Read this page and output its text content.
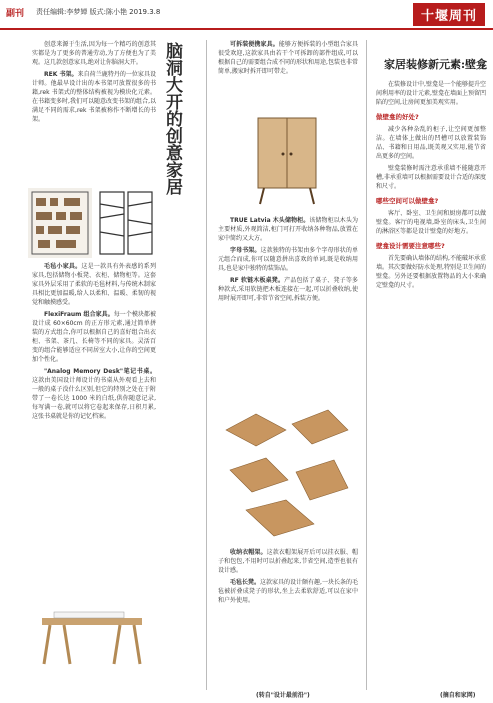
副刊 责任编辑:李梦婵 版式:陈小艳 2019.3.8	十堰周刊

创意来源于生活,因为每一个精巧的创意其实都是为了更多的普通劳动,为了方便也为了美观。这几款创意家具,绝对让你脑洞大开。

REK 书架。来自荷兰鹿特丹的一位家具设计师。他最早设计出的本书架可放置很多的书籍,rek 书架式的整体结构被视为模块化元素。在书籍变多时,我们可以随意改变书架的组合,以满足不同的需求,rek 书架被称作不断增长的书架。

毛毡小家具。这是一款具有外表感的系列家具,包括储物小板凳、衣柜、储物柜等。这套家具外层采用了柔软的毛毡材料,与传统木制家具相比更加温暖,给人以柔和、温暖、柔韧的视觉和触摸感受。

FlexiFraum 组合家具。每一个模块都被设计成 60×60cm 的正方形元素,通过简单拼装的方式组合,你可以根据自己的喜好组合出衣柜、书架、茶几、长椅等不同的家具。灵活百变的组合能够适应不同居室大小,让你的空间更加个性化。

"Analog Memory Desk"笔记书桌。这款由美国设计师设计的书桌从外观看上去和一般的桌子没什么区别,但它的特别之处在于附带了一卷长达 1000 米的白纸,供你随意记录,每写满一卷,就可以将它卷起来保存,日积月累,这张书桌就是你的记忆档案。

脑洞大开的创意家居	可拆装便携家具。能够方便拆装的小型组合家具很受欢迎,这款家具由若干个可拆卸的部件组成,可以根据自己的需要组合成不同的形状和用途,包装也非常简单,搬家时拆开即可带走。

TRUE Latvia 木头储物柜。该储物柜以木头为主要材质,外观简洁,柜门可打开收纳各种物品,放置在家中简约又大方。

字母书架。这款独特的书架由多个字母形状的单元组合而成,你可以随意拼出喜欢的单词,既是收纳用具,也是家中独特的装饰品。

RF 软链木板桌凳。产品包括了桌子、凳子等多种款式,采用软链把木板连接在一起,可以折叠收纳,使用时展开即可,非常节省空间,拆装方便。

收纳衣帽架。这款衣帽架展开后可以挂衣服、帽子和包包,不用时可以折叠起来,节省空间,造型也很有设计感。

毛毡长凳。这款家具的设计颇有趣,一块长条的毛毡被折叠成凳子的形状,坐上去柔软舒适,可以在家中和户外使用。

(转自"设计最前沿")
家居装修新元素:壁龛

在装修设计中,壁龛是一个能够提升空间利用率的设计元素,壁龛在墙面上预留凹陷的空间,让房间更加美观实用。

做壁龛的好处?

减少各种杂乱的柜子,让空间更加整洁。在墙体上做出的凹槽可以放置装饰品、书籍和日用品,既美观又实用,能节省出更多的空间。

壁龛装修时需注意承重墙不能随意开槽,非承重墙可以根据需要设计合适的深度和尺寸。

哪些空间可以做壁龛?

客厅、卧室、卫生间和厨房都可以做壁龛。客厅的电视墙,卧室的床头,卫生间的淋浴区等都是设计壁龛的好地方。

壁龛设计需要注意哪些?

首先要确认墙体的结构,不能破坏承重墙。其次要做好防水处理,特别是卫生间的壁龛。另外还要根据放置物品的大小来确定壁龛的尺寸。

(摘自和家网)
